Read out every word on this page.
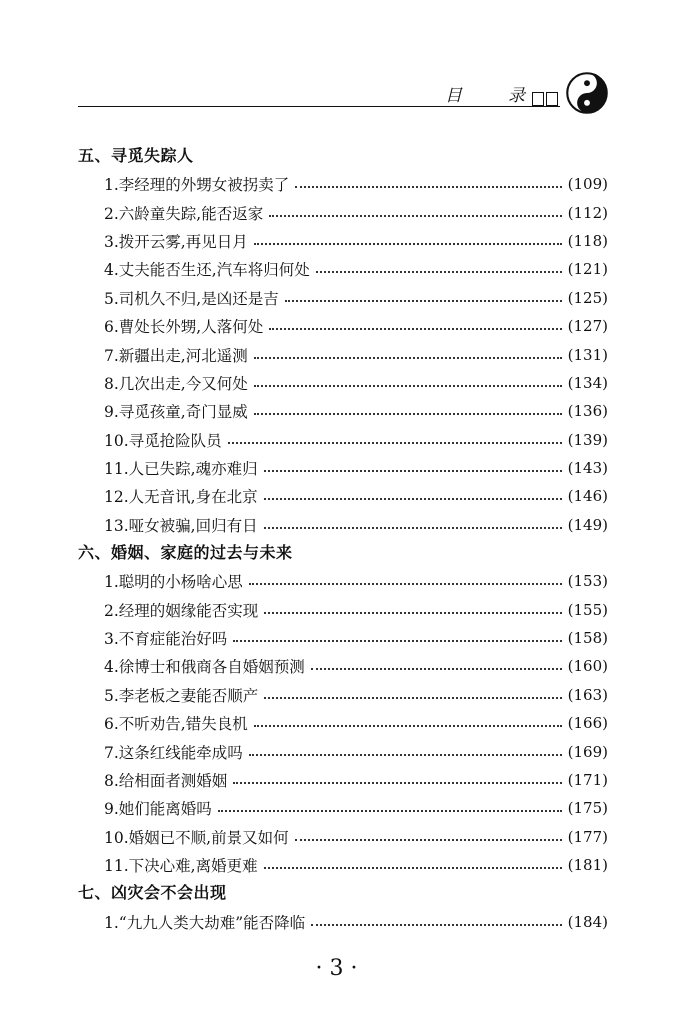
目	录
五、寻觅失踪人
1.李经理的外甥女被拐卖了	(109)
2.六龄童失踪,能否返家	(112)
3.拨开云雾,再见日月	(118)
4.丈夫能否生还,汽车将归何处	(121)
5.司机久不归,是凶还是吉	(125)
6.曹处长外甥,人落何处	(127)
7.新疆出走,河北遥测	(131)
8.几次出走,今又何处	(134)
9.寻觅孩童,奇门显威	(136)
10.寻觅抢险队员	(139)
11.人已失踪,魂亦难归	(143)
12.人无音讯,身在北京	(146)
13.哑女被骗,回归有日	(149)
六、婚姻、家庭的过去与未来
1.聪明的小杨啥心思	(153)
2.经理的姻缘能否实现	(155)
3.不育症能治好吗	(158)
4.徐博士和俄商各自婚姻预测	(160)
5.李老板之妻能否顺产	(163)
6.不听劝告,错失良机	(166)
7.这条红线能牵成吗	(169)
8.给相面者测婚姻	(171)
9.她们能离婚吗	(175)
10.婚姻已不顺,前景又如何	(177)
11.下决心难,离婚更难	(181)
七、凶灾会不会出现
1.“九九人类大劫难”能否降临	(184)
· 3 ·
